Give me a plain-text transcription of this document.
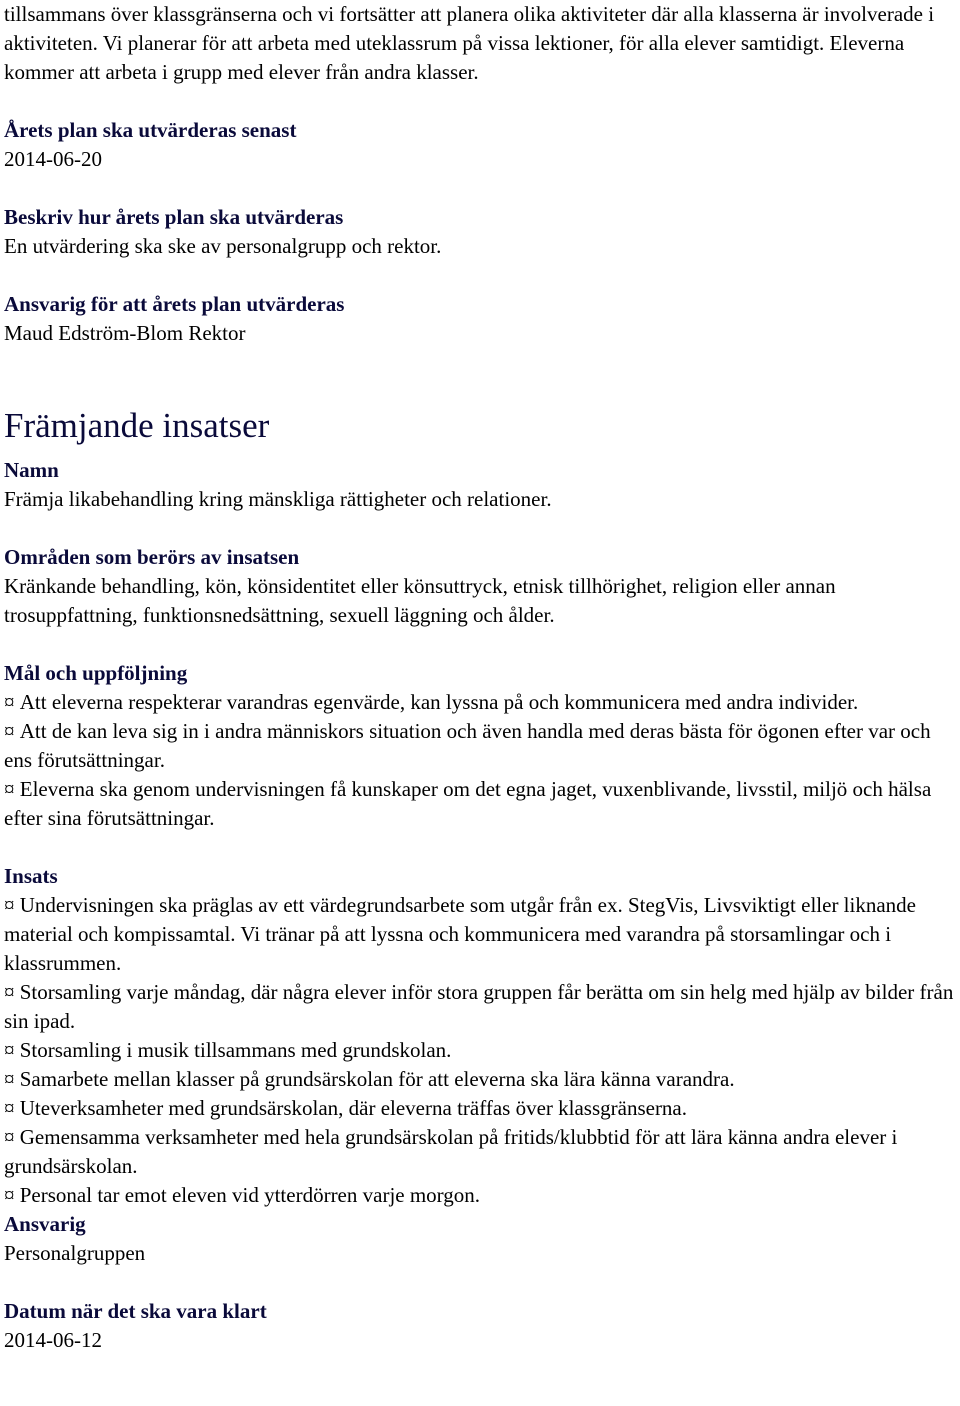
tillsammans över klassgränserna och vi fortsätter att planera olika aktiviteter där alla klasserna är involverade i aktiviteten. Vi planerar för att arbeta med uteklassrum på vissa lektioner, för alla elever samtidigt. Eleverna kommer att arbeta i grupp med elever från andra klasser.

Årets plan ska utvärderas senast

2014-06-20

Beskriv hur årets plan ska utvärderas

En utvärdering ska ske av personalgrupp och rektor.

Ansvarig för att årets plan utvärderas

Maud Edström-Blom Rektor

Främjande insatser

Namn

Främja likabehandling kring mänskliga rättigheter och relationer.

Områden som berörs av insatsen

Kränkande behandling, kön, könsidentitet eller könsuttryck, etnisk tillhörighet, religion eller annan trosuppfattning, funktionsnedsättning, sexuell läggning och ålder.

Mål och uppföljning

¤ Att eleverna respekterar varandras egenvärde, kan lyssna på och kommunicera med andra individer.

¤ Att de kan leva sig in i andra människors situation och även handla med deras bästa för ögonen efter var och ens förutsättningar.

¤ Eleverna ska genom undervisningen få kunskaper om det egna jaget, vuxenblivande, livsstil, miljö och hälsa efter sina förutsättningar.

Insats

¤ Undervisningen ska präglas av ett värdegrundsarbete som utgår från ex. StegVis, Livsviktigt eller liknande material och kompissamtal. Vi tränar på att lyssna och kommunicera med varandra på storsamlingar och i klassrummen.

¤ Storsamling varje måndag, där några elever inför stora gruppen får berätta om sin helg med hjälp av bilder från sin ipad.

¤ Storsamling i musik tillsammans med grundskolan.

¤ Samarbete mellan klasser på grundsärskolan för att eleverna ska lära känna varandra.

¤ Uteverksamheter med grundsärskolan, där eleverna träffas över klassgränserna.

¤ Gemensamma verksamheter med hela grundsärskolan på fritids/klubbtid för att lära känna andra elever i grundsärskolan.

¤ Personal tar emot eleven vid ytterdörren varje morgon.

Ansvarig

Personalgruppen

Datum när det ska vara klart

2014-06-12
